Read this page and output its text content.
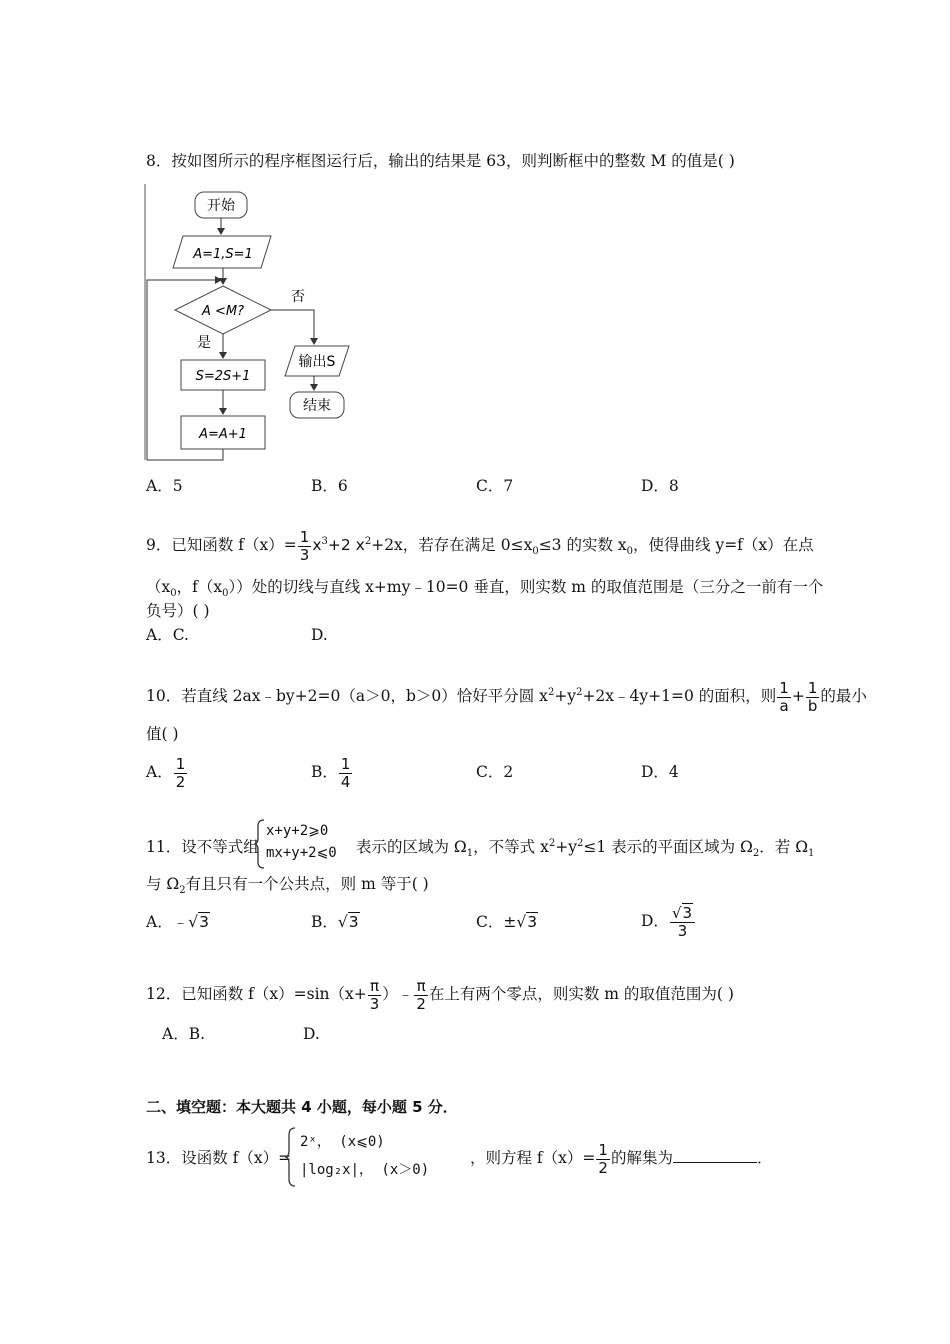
8．按如图所示的程序框图运行后，输出的结果是 63，则判断框中的整数 M 的值是( )
开始
A=1,S=1
A <M?
否
输出S
结束
是
S=2S+1
A=A+1
A．5	B．6	C．7	D．8
9．已知函数 $f(x)= \frac{1}{3} x^3+2$ $x^2+2x$，若存在满足 $0\le x_0\le 3$ 的实数 $x_0$，使得曲线 y=f（x）在点
（$x_0$，$f(x_0)$）处的切线与直线 x+my﹣10=0 垂直，则实数 m 的取值范围是（三分之一前有一个
负号）( )
A．C.	D.
10．若直线 2ax﹣by+2=0（a＞0，b＞0）恰好平分圆 $x^2+y^2+2x﹣4y+1=0$ 的面积，则 $\frac{1}{a} + \frac{1}{b}$ 的最小
值( )
A． $\frac{1}{2}$	B． $\frac{1}{4}$	C．2	D．4
11．设不等式组
x+y+2⩾0
mx+y+2⩽0 表示的区域为 $\Omega_1$，不等式 $x^2+y^2\le 1$ 表示的平面区域为 $\Omega_2$．若 $\Omega_1$
与 $\Omega_2$有且只有一个公共点，则 m 等于( )
A．﹣√3	B．√3	C．±√3	D． $\frac{√3}{3}$
12．已知函数 $f(x)=\sin(x+ \frac{\pi}{3}$ ）﹣ $\frac{\pi}{2}$ 在上有两个零点，则实数 m 的取值范围为( )
A．B.	D.
二、填空题：本大题共 4 小题，每小题 5 分．
13．设函数 f（x）=
2ˣ， (x⩽0)
|log₂x|， (x＞0)
，则方程 $f(x)= \frac{1}{2}$ 的解集为	．
